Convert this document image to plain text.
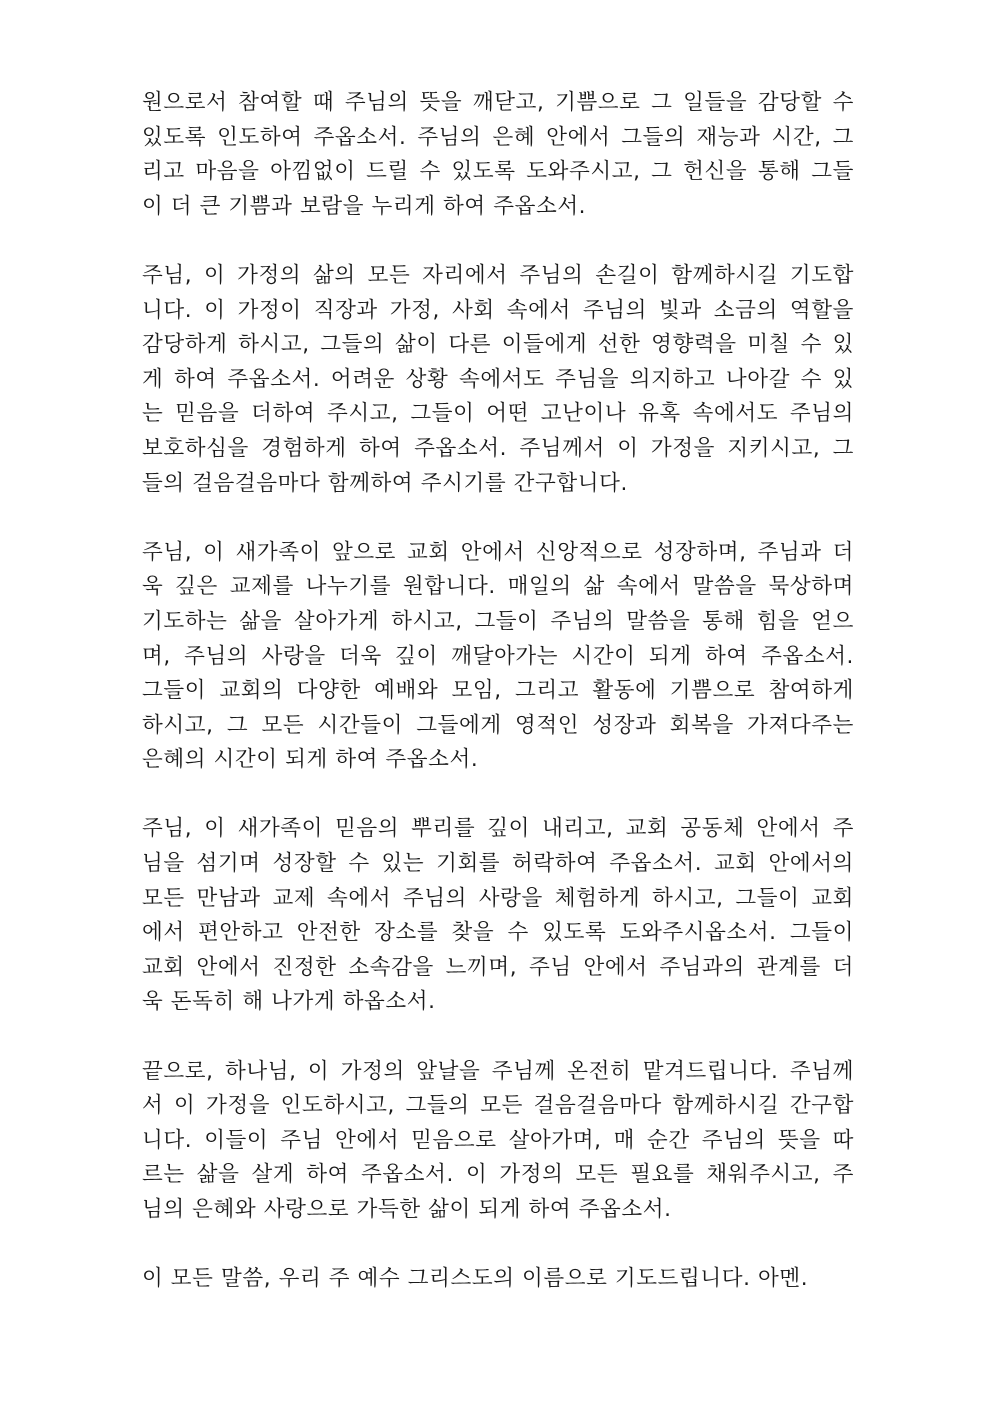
원으로서 참여할 때 주님의 뜻을 깨닫고, 기쁨으로 그 일들을 감당할 수
있도록 인도하여 주옵소서. 주님의 은혜 안에서 그들의 재능과 시간, 그
리고 마음을 아낌없이 드릴 수 있도록 도와주시고, 그 헌신을 통해 그들
이 더 큰 기쁨과 보람을 누리게 하여 주옵소서.
주님, 이 가정의 삶의 모든 자리에서 주님의 손길이 함께하시길 기도합
니다. 이 가정이 직장과 가정, 사회 속에서 주님의 빛과 소금의 역할을
감당하게 하시고, 그들의 삶이 다른 이들에게 선한 영향력을 미칠 수 있
게 하여 주옵소서. 어려운 상황 속에서도 주님을 의지하고 나아갈 수 있
는 믿음을 더하여 주시고, 그들이 어떤 고난이나 유혹 속에서도 주님의
보호하심을 경험하게 하여 주옵소서. 주님께서 이 가정을 지키시고, 그
들의 걸음걸음마다 함께하여 주시기를 간구합니다.
주님, 이 새가족이 앞으로 교회 안에서 신앙적으로 성장하며, 주님과 더
욱 깊은 교제를 나누기를 원합니다. 매일의 삶 속에서 말씀을 묵상하며
기도하는 삶을 살아가게 하시고, 그들이 주님의 말씀을 통해 힘을 얻으
며, 주님의 사랑을 더욱 깊이 깨달아가는 시간이 되게 하여 주옵소서.
그들이 교회의 다양한 예배와 모임, 그리고 활동에 기쁨으로 참여하게
하시고, 그 모든 시간들이 그들에게 영적인 성장과 회복을 가져다주는
은혜의 시간이 되게 하여 주옵소서.
주님, 이 새가족이 믿음의 뿌리를 깊이 내리고, 교회 공동체 안에서 주
님을 섬기며 성장할 수 있는 기회를 허락하여 주옵소서. 교회 안에서의
모든 만남과 교제 속에서 주님의 사랑을 체험하게 하시고, 그들이 교회
에서 편안하고 안전한 장소를 찾을 수 있도록 도와주시옵소서. 그들이
교회 안에서 진정한 소속감을 느끼며, 주님 안에서 주님과의 관계를 더
욱 돈독히 해 나가게 하옵소서.
끝으로, 하나님, 이 가정의 앞날을 주님께 온전히 맡겨드립니다. 주님께
서 이 가정을 인도하시고, 그들의 모든 걸음걸음마다 함께하시길 간구합
니다. 이들이 주님 안에서 믿음으로 살아가며, 매 순간 주님의 뜻을 따
르는 삶을 살게 하여 주옵소서. 이 가정의 모든 필요를 채워주시고, 주
님의 은혜와 사랑으로 가득한 삶이 되게 하여 주옵소서.
이 모든 말씀, 우리 주 예수 그리스도의 이름으로 기도드립니다. 아멘.
